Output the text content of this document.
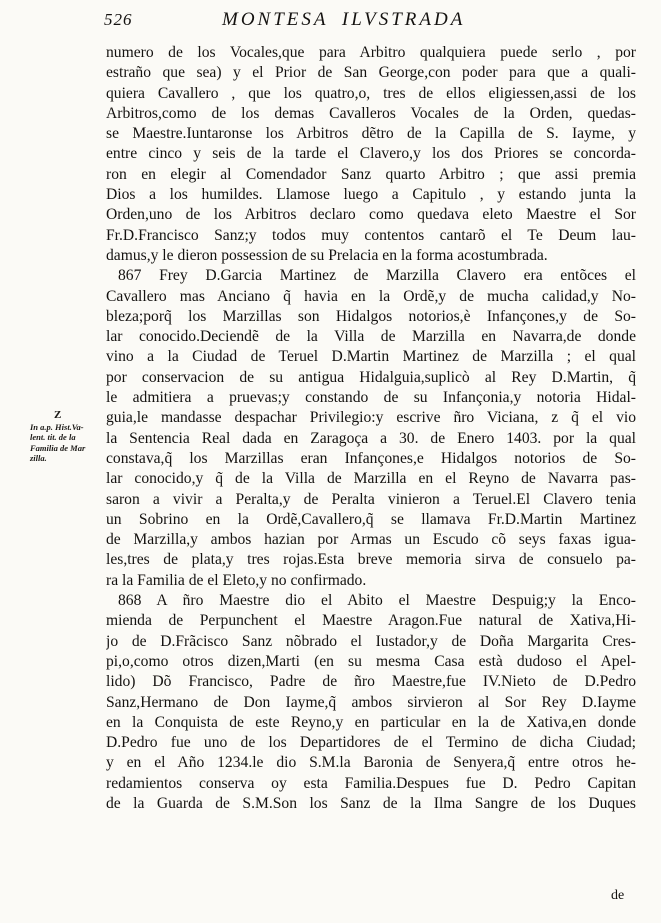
526	MONTESA ILVSTRADA
numero de los Vocales,que para Arbitro qualquiera puede serlo , por
estraño que sea) y el Prior de San George,con poder para que a quali-
quiera Cavallero , que los quatro,o, tres de ellos eligiessen,assi de los
Arbitros,como de los demas Cavalleros Vocales de la Orden, quedas-
se Maestre.Iuntaronse los Arbitros dẽtro de la Capilla de S. Iayme, y
entre cinco y seis de la tarde el Clavero,y los dos Priores se concorda-
ron en elegir al Comendador Sanz quarto Arbitro ; que assi premia
Dios a los humildes. Llamose luego a Capitulo , y estando junta la
Orden,uno de los Arbitros declaro como quedava eleto Maestre el Sor
Fr.D.Francisco Sanz;y todos muy contentos cantarõ el Te Deum lau-
damus,y le dieron possession de su Prelacia en la forma acostumbrada.
867 Frey D.Garcia Martinez de Marzilla Clavero era entõces el
Cavallero mas Anciano q̃ havia en la Ordẽ,y de mucha calidad,y No-
bleza;porq̃ los Marzillas son Hidalgos notorios,è Infançones,y de So-
lar conocido.Deciendẽ de la Villa de Marzilla en Navarra,de donde
vino a la Ciudad de Teruel D.Martin Martinez de Marzilla ; el qual
por conservacion de su antigua Hidalguia,suplicò al Rey D.Martin, q̃
le admitiera a pruevas;y constando de su Infançonia,y notoria Hidal-
guia,le mandasse despachar Privilegio:y escrive ñro Viciana, z q̃ el vio
la Sentencia Real dada en Zaragoça a 30. de Enero 1403. por la qual
constava,q̃ los Marzillas eran Infançones,e Hidalgos notorios de So-
lar conocido,y q̃ de la Villa de Marzilla en el Reyno de Navarra pas-
saron a vivir a Peralta,y de Peralta vinieron a Teruel.El Clavero tenia
un Sobrino en la Ordẽ,Cavallero,q̃ se llamava Fr.D.Martin Martinez
de Marzilla,y ambos hazian por Armas un Escudo cõ seys faxas igua-
les,tres de plata,y tres rojas.Esta breve memoria sirva de consuelo pa-
ra la Familia de el Eleto,y no confirmado.
868 A ñro Maestre dio el Abito el Maestre Despuig;y la Enco-
mienda de Perpunchent el Maestre Aragon.Fue natural de Xativa,Hi-
jo de D.Frãcisco Sanz nõbrado el Iustador,y de Doña Margarita Cres-
pi,o,como otros dizen,Marti (en su mesma Casa està dudoso el Apel-
lido) Dõ Francisco, Padre de ñro Maestre,fue IV.Nieto de D.Pedro
Sanz,Hermano de Don Iayme,q̃ ambos sirvieron al Sor Rey D.Iayme
en la Conquista de este Reyno,y en particular en la de Xativa,en donde
D.Pedro fue uno de los Departidores de el Termino de dicha Ciudad;
y en el Año 1234.le dio S.M.la Baronia de Senyera,q̃ entre otros he-
redamientos conserva oy esta Familia.Despues fue D. Pedro Capitan
de la Guarda de S.M.Son los Sanz de la Ilma Sangre de los Duques
Z
In a.p. Hist.Va-
lent. tit. de la
Familia de Mar
zilla.
de
